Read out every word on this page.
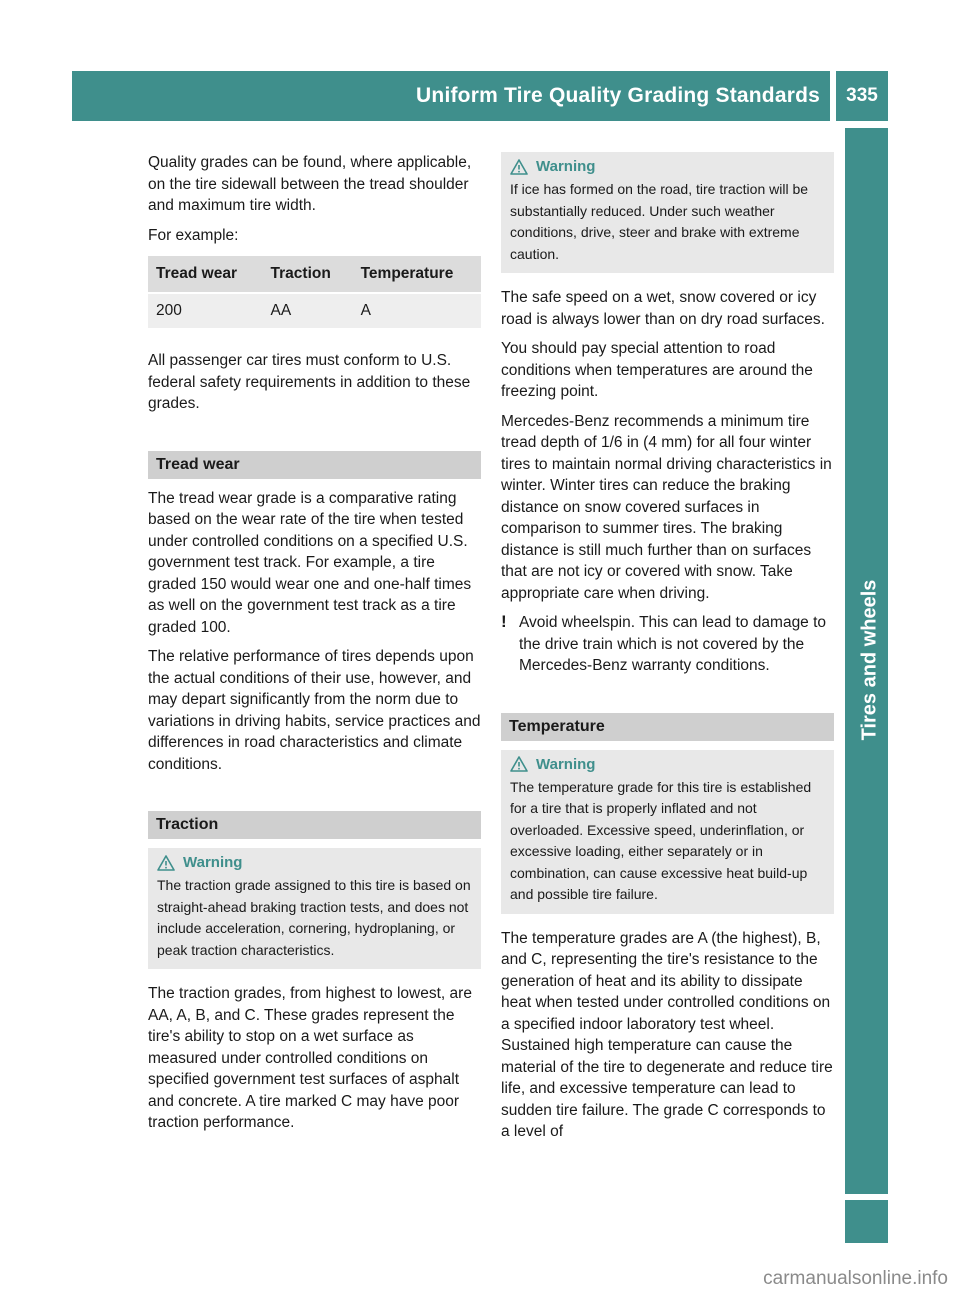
Uniform Tire Quality Grading Standards	335
Tires and wheels

Quality grades can be found, where applicable, on the tire sidewall between the tread shoulder and maximum tire width.

For example:

Tread wear	Traction	Temperature
200	AA	A

All passenger car tires must conform to U.S. federal safety requirements in addition to these grades.

Tread wear

The tread wear grade is a comparative rating based on the wear rate of the tire when tested under controlled conditions on a specified U.S. government test track. For example, a tire graded 150 would wear one and one-half times as well on the government test track as a tire graded 100.

The relative performance of tires depends upon the actual conditions of their use, however, and may depart significantly from the norm due to variations in driving habits, service practices and differences in road characteristics and climate conditions.

Traction
Warning

The traction grade assigned to this tire is based on straight-ahead braking traction tests, and does not include acceleration, cornering, hydroplaning, or peak traction characteristics.

The traction grades, from highest to lowest, are AA, A, B, and C. These grades represent the tire's ability to stop on a wet surface as measured under controlled conditions on specified government test surfaces of asphalt and concrete. A tire marked C may have poor traction performance.

Warning

If ice has formed on the road, tire traction will be substantially reduced. Under such weather conditions, drive, steer and brake with extreme caution.

The safe speed on a wet, snow covered or icy road is always lower than on dry road surfaces.

You should pay special attention to road conditions when temperatures are around the freezing point.

Mercedes-Benz recommends a minimum tire tread depth of 1/6 in (4 mm) for all four winter tires to maintain normal driving characteristics in winter. Winter tires can reduce the braking distance on snow covered surfaces in comparison to summer tires. The braking distance is still much further than on surfaces that are not icy or covered with snow. Take appropriate care when driving.

! Avoid wheelspin. This can lead to damage to the drive train which is not covered by the Mercedes-Benz warranty conditions.

Temperature
Warning

The temperature grade for this tire is established for a tire that is properly inflated and not overloaded. Excessive speed, underinflation, or excessive loading, either separately or in combination, can cause excessive heat build-up and possible tire failure.

The temperature grades are A (the highest), B, and C, representing the tire's resistance to the generation of heat and its ability to dissipate heat when tested under controlled conditions on a specified indoor laboratory test wheel. Sustained high temperature can cause the material of the tire to degenerate and reduce tire life, and excessive temperature can lead to sudden tire failure. The grade C corresponds to a level of

carmanualsonline.info
